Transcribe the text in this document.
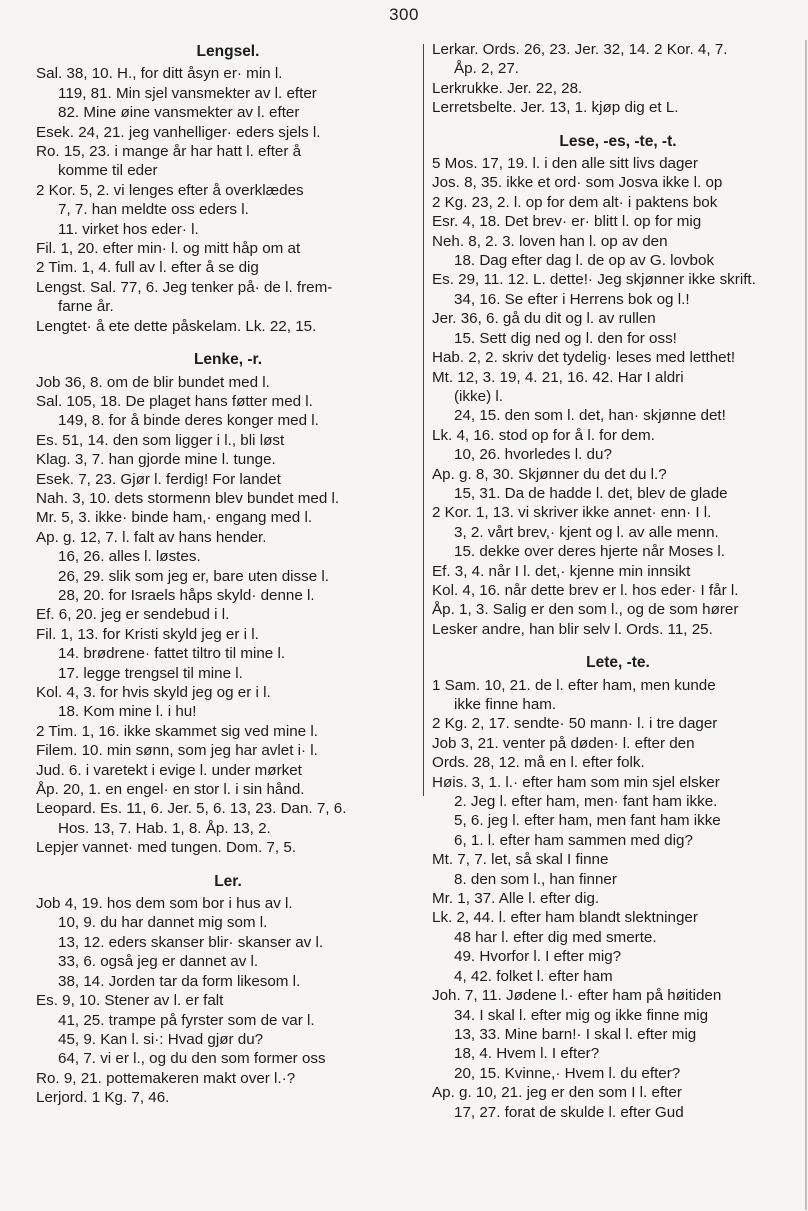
300
Lengsel.
Sal. 38, 10. H., for ditt åsyn er· min l.
119, 81. Min sjel vansmekter av l. efter
82. Mine øine vansmekter av l. efter
Esek. 24, 21. jeg vanhelliger· eders sjels l.
Ro. 15, 23. i mange år har hatt l. efter å
komme til eder
2 Kor. 5, 2. vi lenges efter å overklædes
7, 7. han meldte oss eders l.
11. virket hos eder· l.
Fil. 1, 20. efter min· l. og mitt håp om at
2 Tim. 1, 4. full av l. efter å se dig
Lengst. Sal. 77, 6. Jeg tenker på· de l. frem-
farne år.
Lengtet· å ete dette påskelam. Lk. 22, 15.
Lenke, -r.
Job 36, 8. om de blir bundet med l.
Sal. 105, 18. De plaget hans føtter med l.
149, 8. for å binde deres konger med l.
Es. 51, 14. den som ligger i l., bli løst
Klag. 3, 7. han gjorde mine l. tunge.
Esek. 7, 23. Gjør l. ferdig! For landet
Nah. 3, 10. dets stormenn blev bundet med l.
Mr. 5, 3. ikke· binde ham,· engang med l.
Ap. g. 12, 7. l. falt av hans hender.
16, 26. alles l. løstes.
26, 29. slik som jeg er, bare uten disse l.
28, 20. for Israels håps skyld· denne l.
Ef. 6, 20. jeg er sendebud i l.
Fil. 1, 13. for Kristi skyld jeg er i l.
14. brødrene· fattet tiltro til mine l.
17. legge trengsel til mine l.
Kol. 4, 3. for hvis skyld jeg og er i l.
18. Kom mine l. i hu!
2 Tim. 1, 16. ikke skammet sig ved mine l.
Filem. 10. min sønn, som jeg har avlet i· l.
Jud. 6. i varetekt i evige l. under mørket
Åp. 20, 1. en engel· en stor l. i sin hånd.
Leopard. Es. 11, 6. Jer. 5, 6. 13, 23. Dan. 7, 6.
Hos. 13, 7. Hab. 1, 8. Åp. 13, 2.
Lepjer vannet· med tungen. Dom. 7, 5.
Ler.
Job 4, 19. hos dem som bor i hus av l.
10, 9. du har dannet mig som l.
13, 12. eders skanser blir· skanser av l.
33, 6. også jeg er dannet av l.
38, 14. Jorden tar da form likesom l.
Es. 9, 10. Stener av l. er falt
41, 25. trampe på fyrster som de var l.
45, 9. Kan l. si·: Hvad gjør du?
64, 7. vi er l., og du den som former oss
Ro. 9, 21. pottemakeren makt over l.·?
Lerjord. 1 Kg. 7, 46.
Lerkar. Ords. 26, 23. Jer. 32, 14. 2 Kor. 4, 7.
Åp. 2, 27.
Lerkrukke. Jer. 22, 28.
Lerretsbelte. Jer. 13, 1. kjøp dig et L.
Lese, -es, -te, -t.
5 Mos. 17, 19. l. i den alle sitt livs dager
Jos. 8, 35. ikke et ord· som Josva ikke l. op
2 Kg. 23, 2. l. op for dem alt· i paktens bok
Esr. 4, 18. Det brev· er· blitt l. op for mig
Neh. 8, 2. 3. loven han l. op av den
18. Dag efter dag l. de op av G. lovbok
Es. 29, 11. 12. L. dette!· Jeg skjønner ikke skrift.
34, 16. Se efter i Herrens bok og l.!
Jer. 36, 6. gå du dit og l. av rullen
15. Sett dig ned og l. den for oss!
Hab. 2, 2. skriv det tydelig· leses med letthet!
Mt. 12, 3. 19, 4. 21, 16. 42. Har I aldri
(ikke) l.
24, 15. den som l. det, han· skjønne det!
Lk. 4, 16. stod op for å l. for dem.
10, 26. hvorledes l. du?
Ap. g. 8, 30. Skjønner du det du l.?
15, 31. Da de hadde l. det, blev de glade
2 Kor. 1, 13. vi skriver ikke annet· enn· I l.
3, 2. vårt brev,· kjent og l. av alle menn.
15. dekke over deres hjerte når Moses l.
Ef. 3, 4. når I l. det,· kjenne min innsikt
Kol. 4, 16. når dette brev er l. hos eder· I får l.
Åp. 1, 3. Salig er den som l., og de som hører
Lesker andre, han blir selv l. Ords. 11, 25.
Lete, -te.
1 Sam. 10, 21. de l. efter ham, men kunde
ikke finne ham.
2 Kg. 2, 17. sendte· 50 mann· l. i tre dager
Job 3, 21. venter på døden· l. efter den
Ords. 28, 12. må en l. efter folk.
Høis. 3, 1. l.· efter ham som min sjel elsker
2. Jeg l. efter ham, men· fant ham ikke.
5, 6. jeg l. efter ham, men fant ham ikke
6, 1. l. efter ham sammen med dig?
Mt. 7, 7. let, så skal I finne
8. den som l., han finner
Mr. 1, 37. Alle l. efter dig.
Lk. 2, 44. l. efter ham blandt slektninger
48 har l. efter dig med smerte.
49. Hvorfor l. I efter mig?
4, 42. folket l. efter ham
Joh. 7, 11. Jødene l.· efter ham på høitiden
34. I skal l. efter mig og ikke finne mig
13, 33. Mine barn!· I skal l. efter mig
18, 4. Hvem l. I efter?
20, 15. Kvinne,· Hvem l. du efter?
Ap. g. 10, 21. jeg er den som I l. efter
17, 27. forat de skulde l. efter Gud
